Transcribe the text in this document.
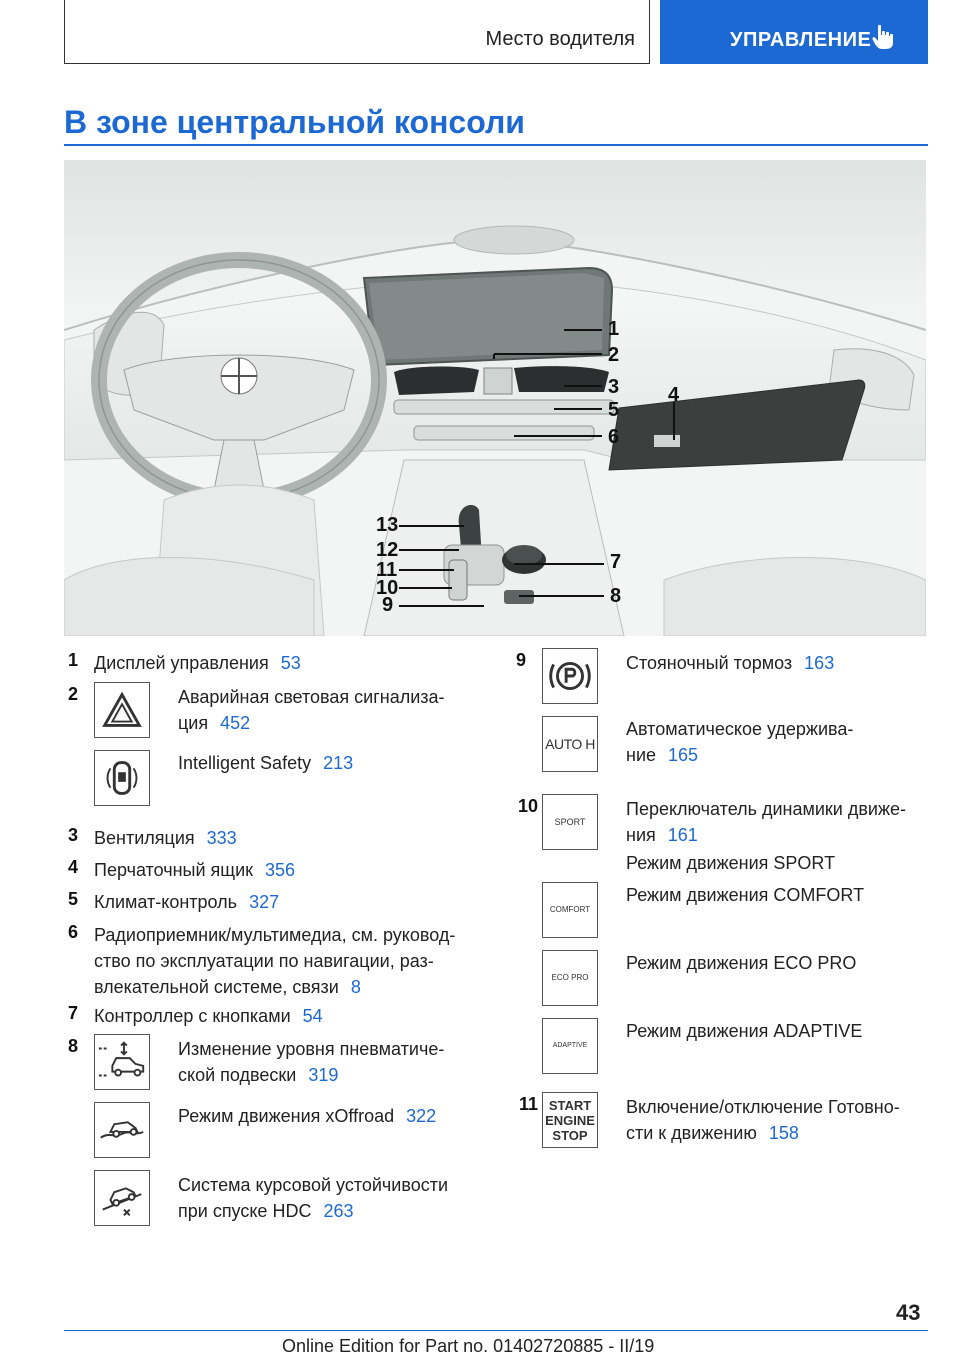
Место водителя	УПРАВЛЕНИЕ
В зоне центральной консоли
1
2
3
5
6
4
13
12
11
10
9
7
8
1 Дисплей управления 53
2	Аварийная световая сигнализа-
ция 452
Intelligent Safety 213
3 Вентиляция 333
4 Перчаточный ящик 356
5 Климат-контроль 327
6 Радиоприемник/мультимедиа, см. руковод-
ство по эксплуатации по навигации, раз-
влекательной системе, связи 8
7 Контроллер с кнопками 54
8	Изменение уровня пневматиче-
ской подвески 319
Режим движения xOffroad 322
Система курсовой устойчивости
при спуске HDC 263
9	Стояночный тормоз 163
AUTO H
Автоматическое удержива-
ние 165
10
SPORT
Переключатель динамики движе-
ния 161
Режим движения SPORT
COMFORT
Режим движения COMFORT
ECO PRO
Режим движения ECO PRO
ADAPTIVE
Режим движения ADAPTIVE
11 START
ENGINE
STOP
Включение/отключение Готовно-
сти к движению 158
43
Online Edition for Part no. 01402720885 - II/19
